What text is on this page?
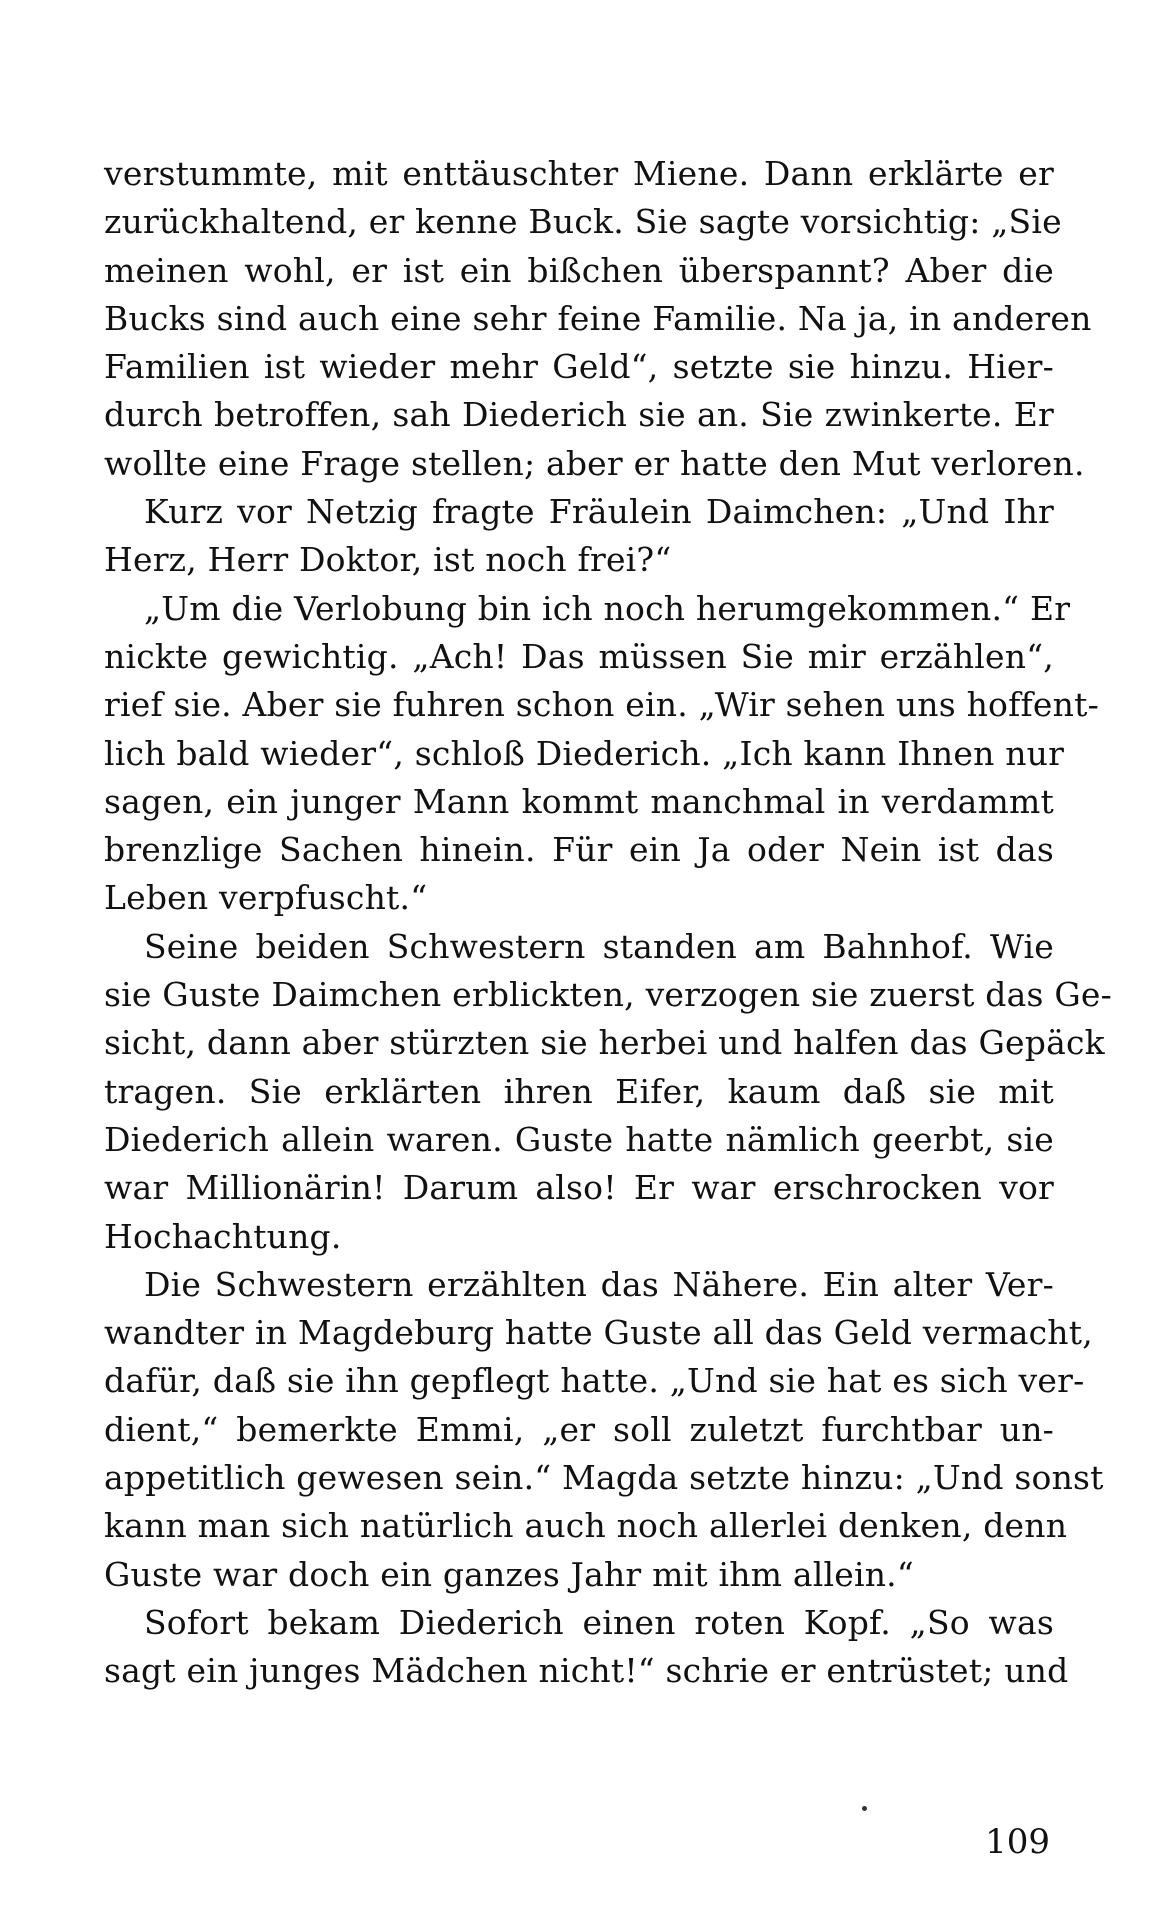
verstummte, mit enttäuschter Miene. Dann erklärte er
zurückhaltend, er kenne Buck. Sie sagte vorsichtig: „Sie
meinen wohl, er ist ein bißchen überspannt? Aber die
Bucks sind auch eine sehr feine Familie. Na ja, in anderen
Familien ist wieder mehr Geld“, setzte sie hinzu. Hier-
durch betroffen, sah Diederich sie an. Sie zwinkerte. Er
wollte eine Frage stellen; aber er hatte den Mut verloren.
Kurz vor Netzig fragte Fräulein Daimchen: „Und Ihr
Herz, Herr Doktor, ist noch frei?“
„Um die Verlobung bin ich noch herumgekommen.“ Er
nickte gewichtig. „Ach! Das müssen Sie mir erzählen“,
rief sie. Aber sie fuhren schon ein. „Wir sehen uns hoffent-
lich bald wieder“, schloß Diederich. „Ich kann Ihnen nur
sagen, ein junger Mann kommt manchmal in verdammt
brenzlige Sachen hinein. Für ein Ja oder Nein ist das
Leben verpfuscht.“
Seine beiden Schwestern standen am Bahnhof. Wie
sie Guste Daimchen erblickten, verzogen sie zuerst das Ge-
sicht, dann aber stürzten sie herbei und halfen das Gepäck
tragen. Sie erklärten ihren Eifer, kaum daß sie mit
Diederich allein waren. Guste hatte nämlich geerbt, sie
war Millionärin! Darum also! Er war erschrocken vor
Hochachtung.
Die Schwestern erzählten das Nähere. Ein alter Ver-
wandter in Magdeburg hatte Guste all das Geld vermacht,
dafür, daß sie ihn gepflegt hatte. „Und sie hat es sich ver-
dient,“ bemerkte Emmi, „er soll zuletzt furchtbar un-
appetitlich gewesen sein.“ Magda setzte hinzu: „Und sonst
kann man sich natürlich auch noch allerlei denken, denn
Guste war doch ein ganzes Jahr mit ihm allein.“
Sofort bekam Diederich einen roten Kopf. „So was
sagt ein junges Mädchen nicht!“ schrie er entrüstet; und
109
